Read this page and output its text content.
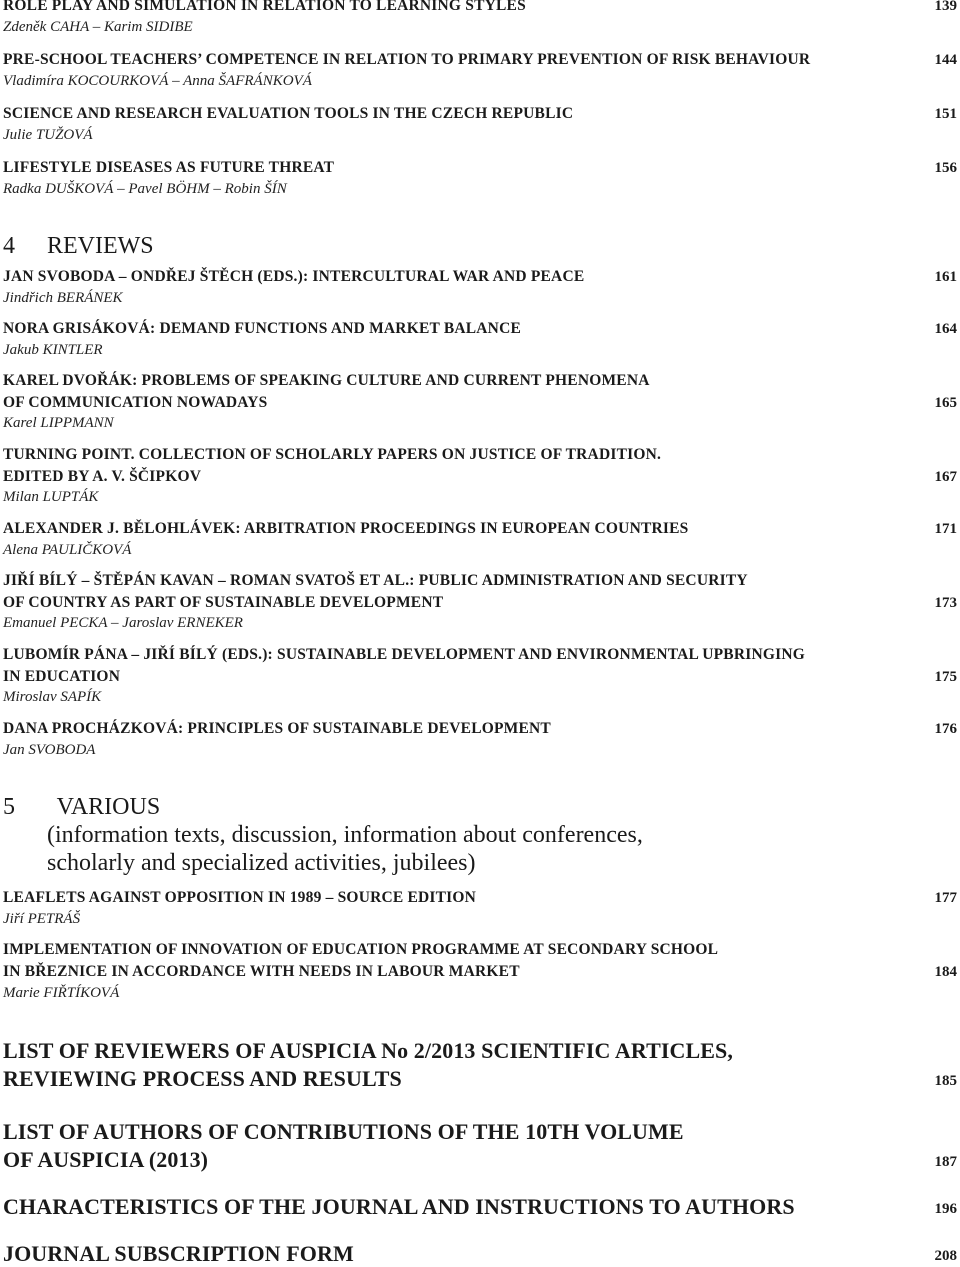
ROLE PLAY AND SIMULATION IN RELATION TO LEARNING STYLES	139
Zdeněk CAHA – Karim SIDIBE
PRE-SCHOOL TEACHERS’ COMPETENCE IN RELATION TO PRIMARY PREVENTION OF RISK BEHAVIOUR	144
Vladimíra KOCOURKOVÁ – Anna ŠAFRÁNKOVÁ
SCIENCE AND RESEARCH EVALUATION TOOLS IN THE CZECH REPUBLIC	151
Julie TUŽOVÁ
LIFESTYLE DISEASES AS FUTURE THREAT	156
Radka DUŠKOVÁ – Pavel BÖHM – Robin ŠÍN
4 REVIEWS
JAN SVOBODA – ONDŘEJ ŠTĚCH (EDS.): INTERCULTURAL WAR AND PEACE	161
Jindřich BERÁNEK
NORA GRISÁKOVÁ: DEMAND FUNCTIONS AND MARKET BALANCE	164
Jakub KINTLER
KAREL DVOŘÁK: PROBLEMS OF SPEAKING CULTURE AND CURRENT PHENOMENA
OF COMMUNICATION NOWADAYS	165
Karel LIPPMANN
TURNING POINT. COLLECTION OF SCHOLARLY PAPERS ON JUSTICE OF TRADITION.
EDITED BY A. V. ŠČIPKOV	167
Milan LUPTÁK
ALEXANDER J. BĚLOHLÁVEK: ARBITRATION PROCEEDINGS IN EUROPEAN COUNTRIES	171
Alena PAULIČKOVÁ
JIŘÍ BÍLÝ – ŠTĚPÁN KAVAN – ROMAN SVATOŠ ET AL.: PUBLIC ADMINISTRATION AND SECURITY
OF COUNTRY AS PART OF SUSTAINABLE DEVELOPMENT	173
Emanuel PECKA – Jaroslav ERNEKER
LUBOMÍR PÁNA – JIŘÍ BÍLÝ (EDS.): SUSTAINABLE DEVELOPMENT AND ENVIRONMENTAL UPBRINGING
IN EDUCATION	175
Miroslav SAPÍK
DANA PROCHÁZKOVÁ: PRINCIPLES OF SUSTAINABLE DEVELOPMENT	176
Jan SVOBODA
5 VARIOUS
(information texts, discussion, information about conferences,
scholarly and specialized activities, jubilees)
LEAFLETS AGAINST OPPOSITION IN 1989 – SOURCE EDITION	177
Jiří PETRÁŠ
IMPLEMENTATION OF INNOVATION OF EDUCATION PROGRAMME AT SECONDARY SCHOOL
IN BŘEZNICE IN ACCORDANCE WITH NEEDS IN LABOUR MARKET	184
Marie FIŘTÍKOVÁ
LIST OF REVIEWERS OF AUSPICIA No 2/2013 SCIENTIFIC ARTICLES,
REVIEWING PROCESS AND RESULTS	185
LIST OF AUTHORS OF CONTRIBUTIONS OF THE 10TH VOLUME
OF AUSPICIA (2013)	187
CHARACTERISTICS OF THE JOURNAL AND INSTRUCTIONS TO AUTHORS	196
JOURNAL SUBSCRIPTION FORM	208
